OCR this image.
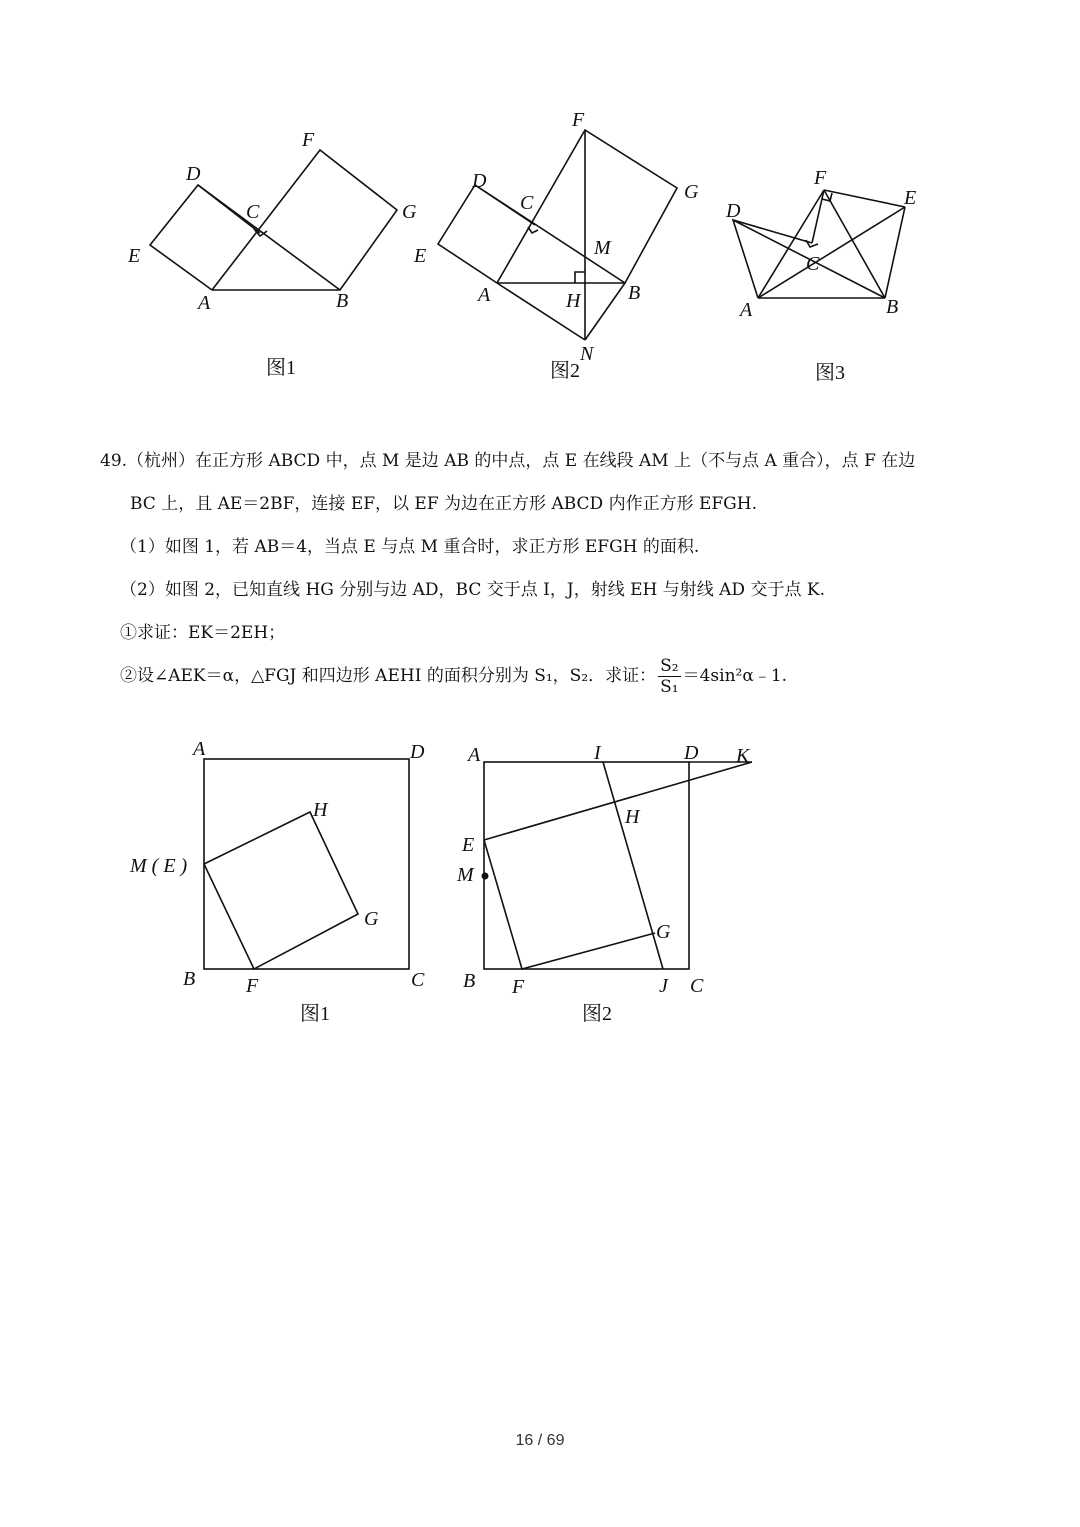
D
C
F
G
E
A	B
图1
F
D
C	G
M
E
A	H B
N
图2
F
E
D
C
A	B
图3

49.（杭州）在正方形 ABCD 中，点 M 是边 AB 的中点，点 E 在线段 AM 上（不与点 A 重合），点 F 在边

BC 上，且 AE＝2BF，连接 EF，以 EF 为边在正方形 ABCD 内作正方形 EFGH.

（1）如图 1，若 AB＝4，当点 E 与点 M 重合时，求正方形 EFGH 的面积.

（2）如图 2，已知直线 HG 分别与边 AD，BC 交于点 I，J，射线 EH 与射线 AD 交于点 K.

①求证：EK＝2EH；

②设∠AEK＝α，△FGJ 和四边形 AEHI 的面积分别为 S₁，S₂．求证： $\frac{\text{S₂}}{\text{S₁}}$ ＝4sin²α﹣1.

A	D
H
M ( E )
G
B	F	C
图1
A	I	D K
H
E
M
G
B F	J C
图2
16 / 69
